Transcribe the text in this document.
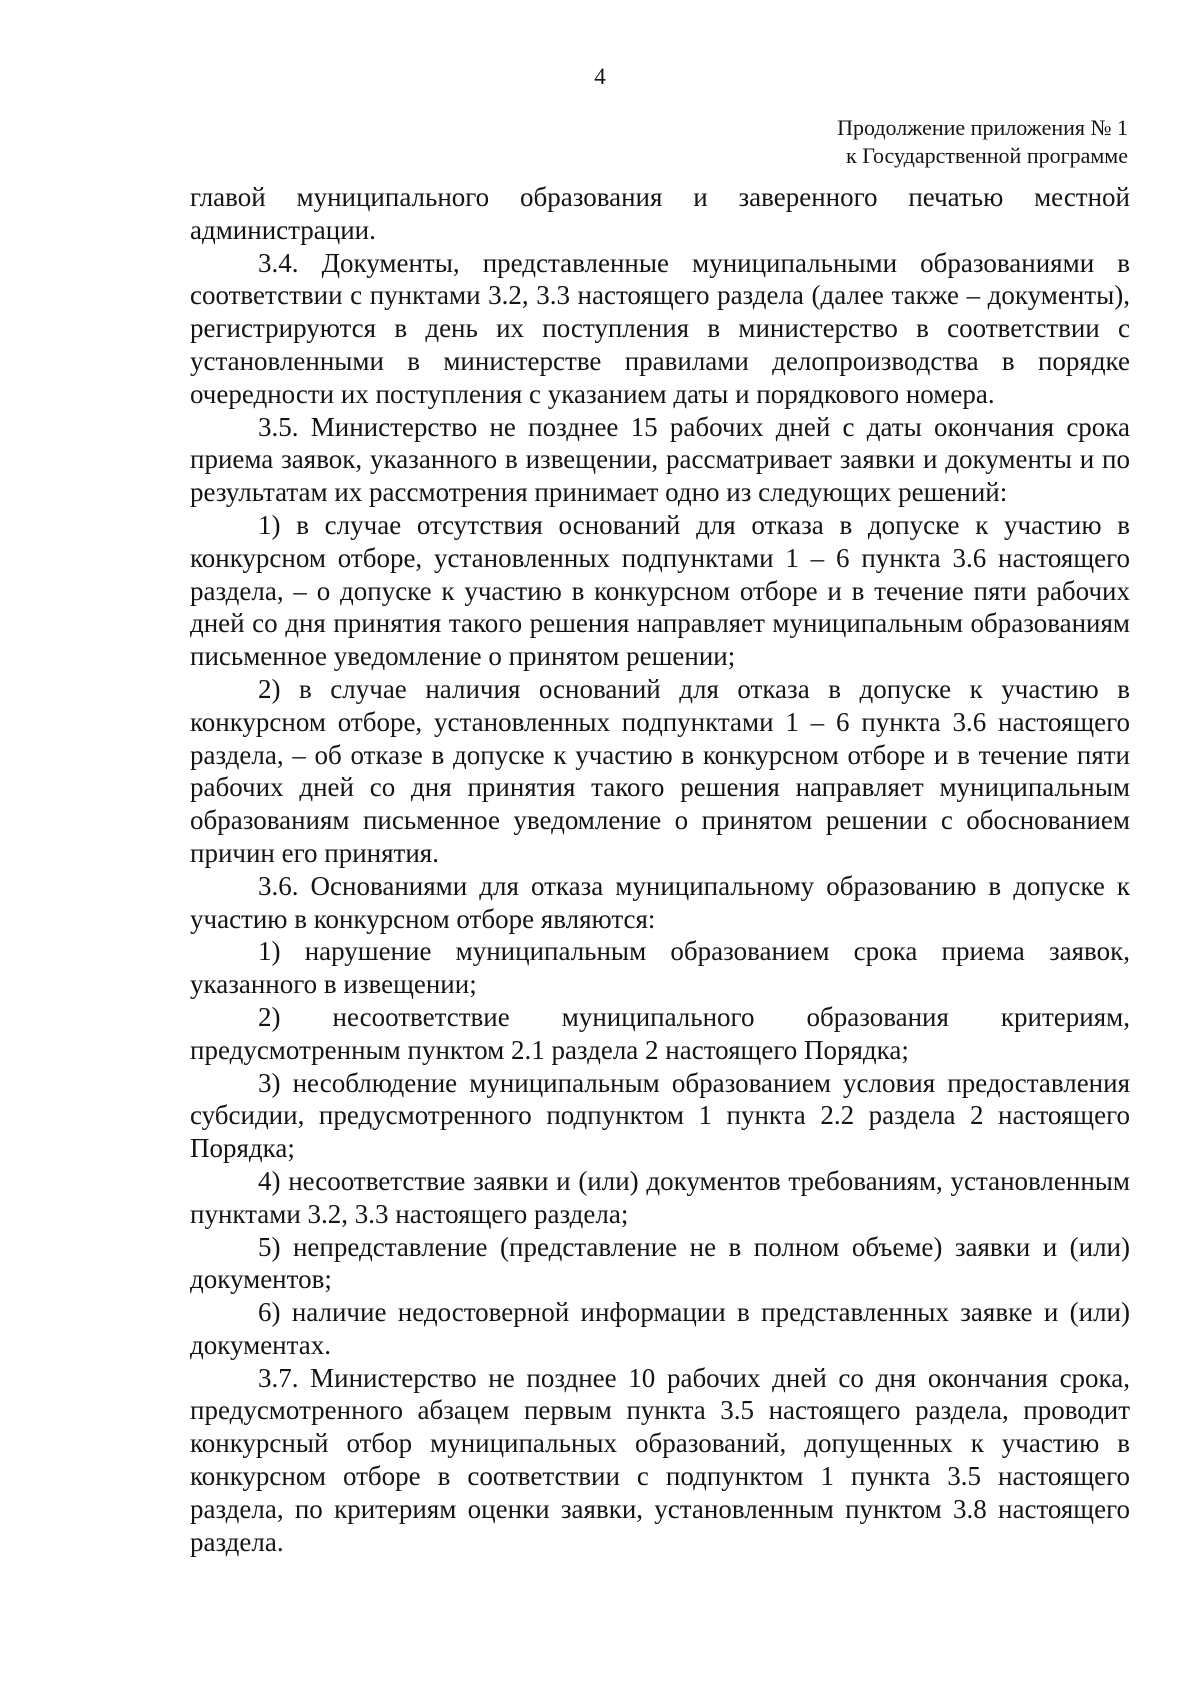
4
Продолжение приложения № 1
к Государственной программе

главой муниципального образования и заверенного печатью местной администрации.

3.4. Документы, представленные муниципальными образованиями в соответствии с пунктами 3.2, 3.3 настоящего раздела (далее также – документы), регистрируются в день их поступления в министерство в соответствии с установленными в министерстве правилами делопроизводства в порядке очередности их поступления с указанием даты и порядкового номера.

3.5. Министерство не позднее 15 рабочих дней с даты окончания срока приема заявок, указанного в извещении, рассматривает заявки и документы и по результатам их рассмотрения принимает одно из следующих решений:

1) в случае отсутствия оснований для отказа в допуске к участию в конкурсном отборе, установленных подпунктами 1 – 6 пункта 3.6 настоящего раздела, – о допуске к участию в конкурсном отборе и в течение пяти рабочих дней со дня принятия такого решения направляет муниципальным образованиям письменное уведомление о принятом решении;

2) в случае наличия оснований для отказа в допуске к участию в конкурсном отборе, установленных подпунктами 1 – 6 пункта 3.6 настоящего раздела, – об отказе в допуске к участию в конкурсном отборе и в течение пяти рабочих дней со дня принятия такого решения направляет муниципальным образованиям письменное уведомление о принятом решении с обоснованием причин его принятия.

3.6. Основаниями для отказа муниципальному образованию в допуске к участию в конкурсном отборе являются:

1) нарушение муниципальным образованием срока приема заявок, указанного в извещении;

2) несоответствие муниципального образования критериям, предусмотренным пунктом 2.1 раздела 2 настоящего Порядка;

3) несоблюдение муниципальным образованием условия предоставления субсидии, предусмотренного подпунктом 1 пункта 2.2 раздела 2 настоящего Порядка;

4) несоответствие заявки и (или) документов требованиям, установленным пунктами 3.2, 3.3 настоящего раздела;

5) непредставление (представление не в полном объеме) заявки и (или) документов;

6) наличие недостоверной информации в представленных заявке и (или) документах.

3.7. Министерство не позднее 10 рабочих дней со дня окончания срока, предусмотренного абзацем первым пункта 3.5 настоящего раздела, проводит конкурсный отбор муниципальных образований, допущенных к участию в конкурсном отборе в соответствии с подпунктом 1 пункта 3.5 настоящего раздела, по критериям оценки заявки, установленным пунктом 3.8 настоящего раздела.
